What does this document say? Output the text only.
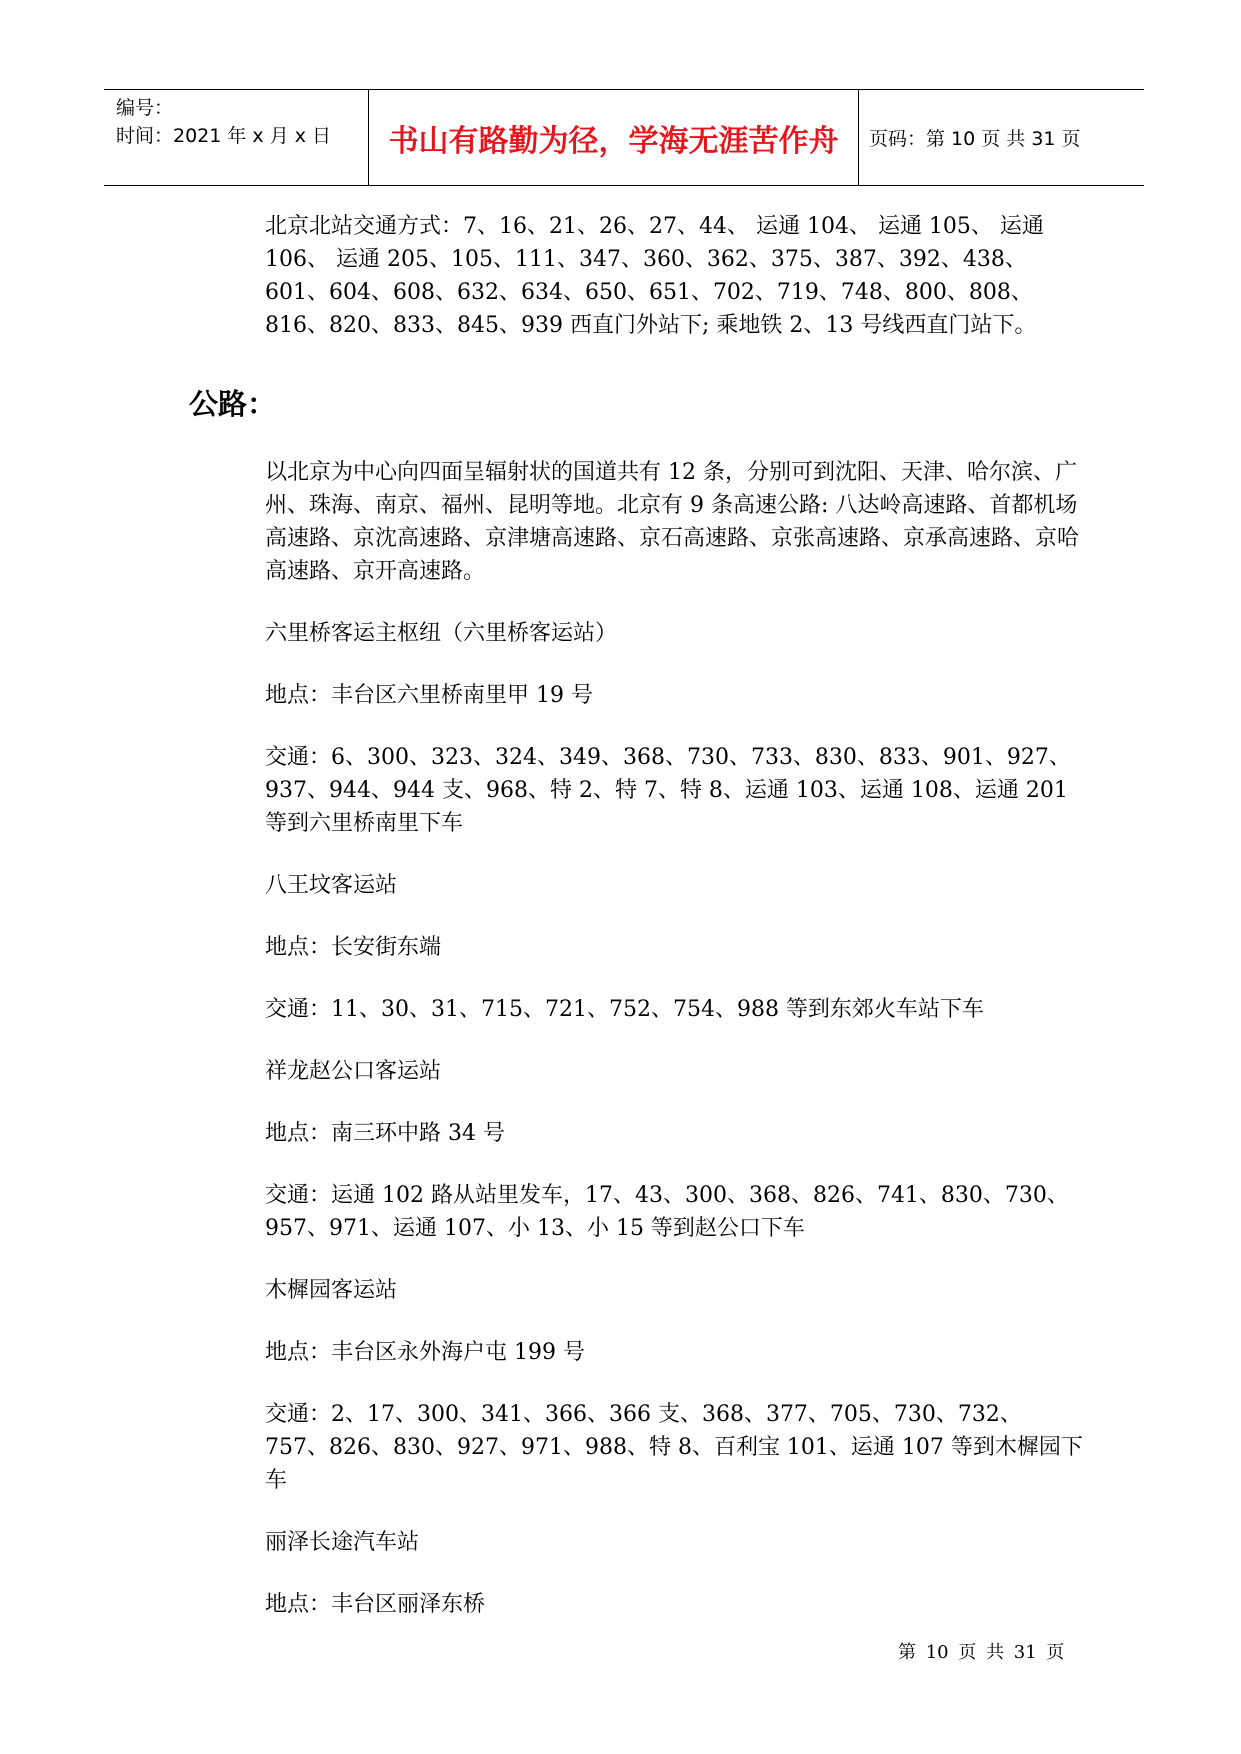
编号：
时间：2021 年 x 月 x 日	书山有路勤为径，学海无涯苦作舟	页码：第 10 页 共 31 页
公路：

北京北站交通方式：7、16、21、26、27、44、 运通 104、 运通 105、 运通 106、 运通 205、105、111、347、360、362、375、387、392、438、601、604、608、632、634、650、651、702、719、748、800、808、816、820、833、845、939 西直门外站下; 乘地铁 2、13 号线西直门站下。

以北京为中心向四面呈辐射状的国道共有 12 条，分别可到沈阳、天津、哈尔滨、广州、珠海、南京、福州、昆明等地。北京有 9 条高速公路: 八达岭高速路、首都机场高速路、京沈高速路、京津塘高速路、京石高速路、京张高速路、京承高速路、京哈高速路、京开高速路。

六里桥客运主枢纽（六里桥客运站）

地点：丰台区六里桥南里甲 19 号

交通：6、300、323、324、349、368、730、733、830、833、901、927、937、944、944 支、968、特 2、特 7、特 8、运通 103、运通 108、运通 201 等到六里桥南里下车

八王坟客运站

地点：长安街东端

交通：11、30、31、715、721、752、754、988 等到东郊火车站下车

祥龙赵公口客运站

地点：南三环中路 34 号

交通：运通 102 路从站里发车，17、43、300、368、826、741、830、730、957、971、运通 107、小 13、小 15 等到赵公口下车

木樨园客运站

地点：丰台区永外海户屯 199 号

交通：2、17、300、341、366、366 支、368、377、705、730、732、757、826、830、927、971、988、特 8、百利宝 101、运通 107 等到木樨园下车

丽泽长途汽车站

地点：丰台区丽泽东桥

第 10 页 共 31 页
